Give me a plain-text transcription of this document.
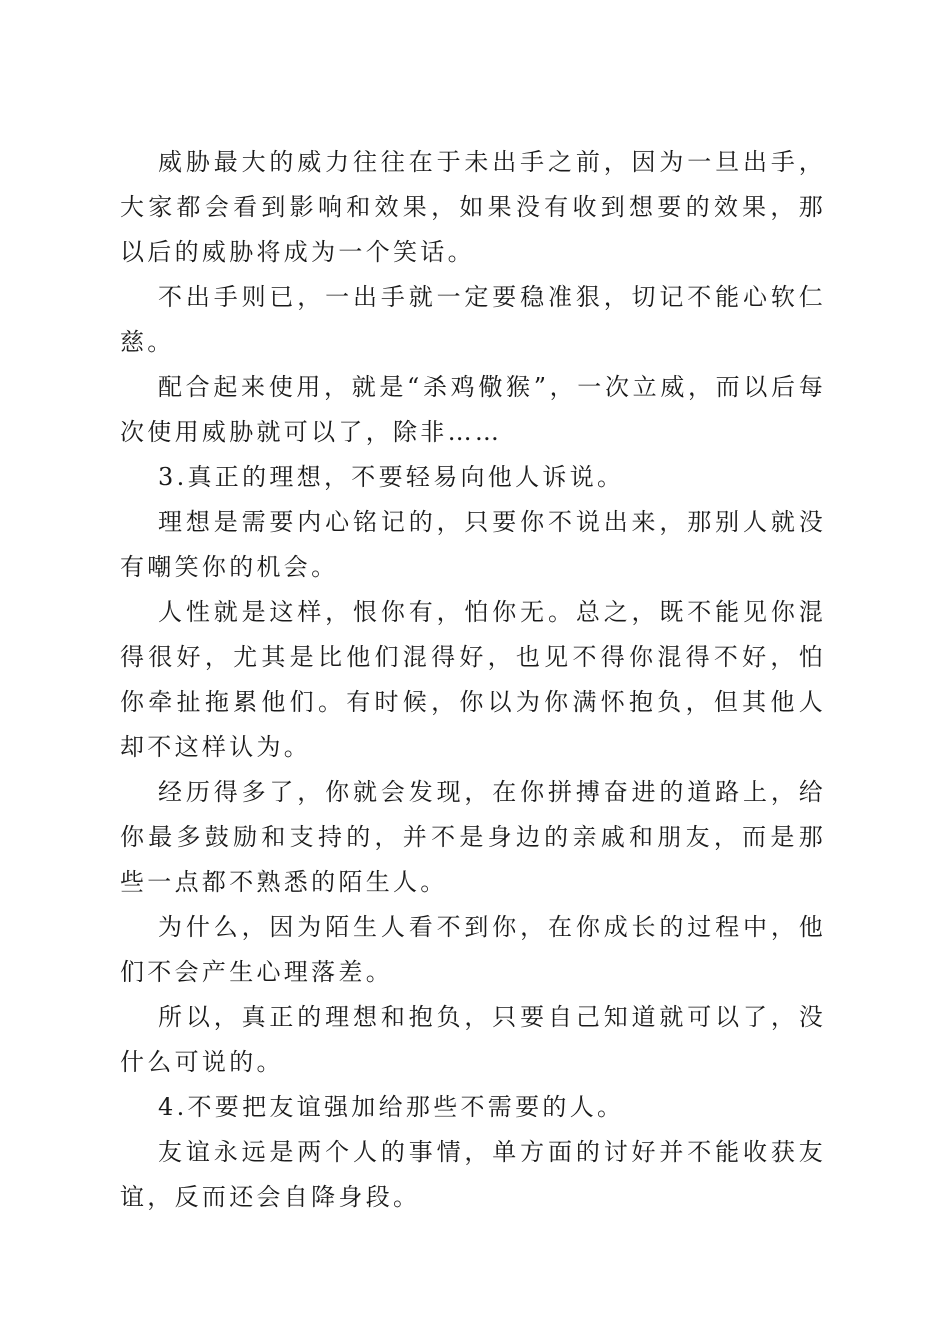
威胁最大的威力往往在于未出手之前，因为一旦出手，大家都会看到影响和效果，如果没有收到想要的效果，那以后的威胁将成为一个笑话。

不出手则已，一出手就一定要稳准狠，切记不能心软仁慈。

配合起来使用，就是“杀鸡儆猴”，一次立威，而以后每次使用威胁就可以了，除非……

3.真正的理想，不要轻易向他人诉说。

理想是需要内心铭记的，只要你不说出来，那别人就没有嘲笑你的机会。

人性就是这样，恨你有，怕你无。总之，既不能见你混得很好，尤其是比他们混得好，也见不得你混得不好，怕你牵扯拖累他们。有时候，你以为你满怀抱负，但其他人却不这样认为。

经历得多了，你就会发现，在你拼搏奋进的道路上，给你最多鼓励和支持的，并不是身边的亲戚和朋友，而是那些一点都不熟悉的陌生人。

为什么，因为陌生人看不到你，在你成长的过程中，他们不会产生心理落差。

所以，真正的理想和抱负，只要自己知道就可以了，没什么可说的。

4.不要把友谊强加给那些不需要的人。

友谊永远是两个人的事情，单方面的讨好并不能收获友谊，反而还会自降身段。
